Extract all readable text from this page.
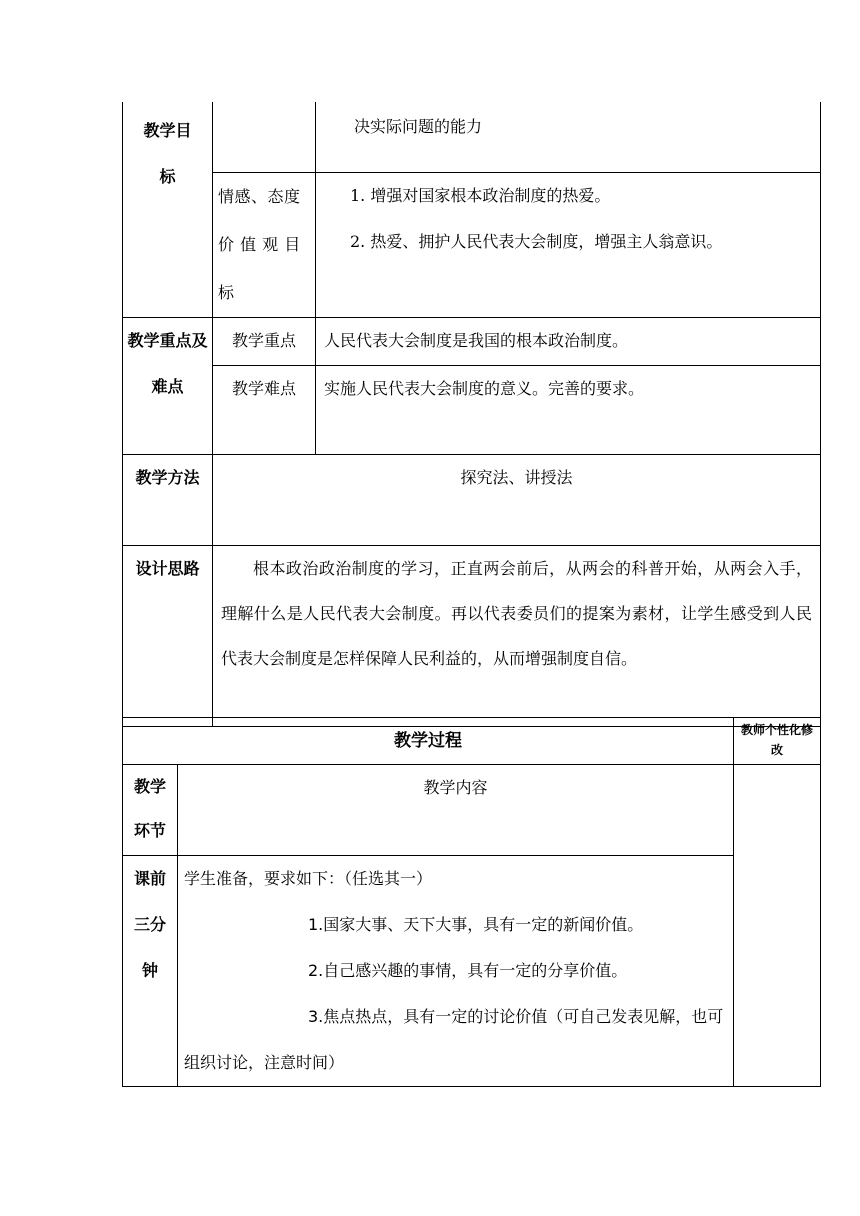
教学目
标		决实际问题的能力
	情感、态度价 值 观 目 标	1. 增强对国家根本政治制度的热爱。
2. 热爱、拥护人民代表大会制度，增强主人翁意识。

教学重点及难点	教学重点	人民代表大会制度是我国的根本政治制度。
	教学难点	实施人民代表大会制度的意义。完善的要求。
教学方法	探究法、讲授法	
设计思路	根本政治政治制度的学习，正直两会前后，从两会的科普开始，从两会入手，理解什么是人民代表大会制度。再以代表委员们的提案为素材，让学生感受到人民代表大会制度是怎样保障人民利益的，从而增强制度自信。	
教学过程		教师个性化修改
教学环节	教学内容	
课前三分钟	学生准备，要求如下：（任选其一）
1.国家大事、天下大事，具有一定的新闻价值。
2.自己感兴趣的事情，具有一定的分享价值。
3.焦点热点，具有一定的讨论价值（可自己发表见解，也可组织讨论，注意时间）	
